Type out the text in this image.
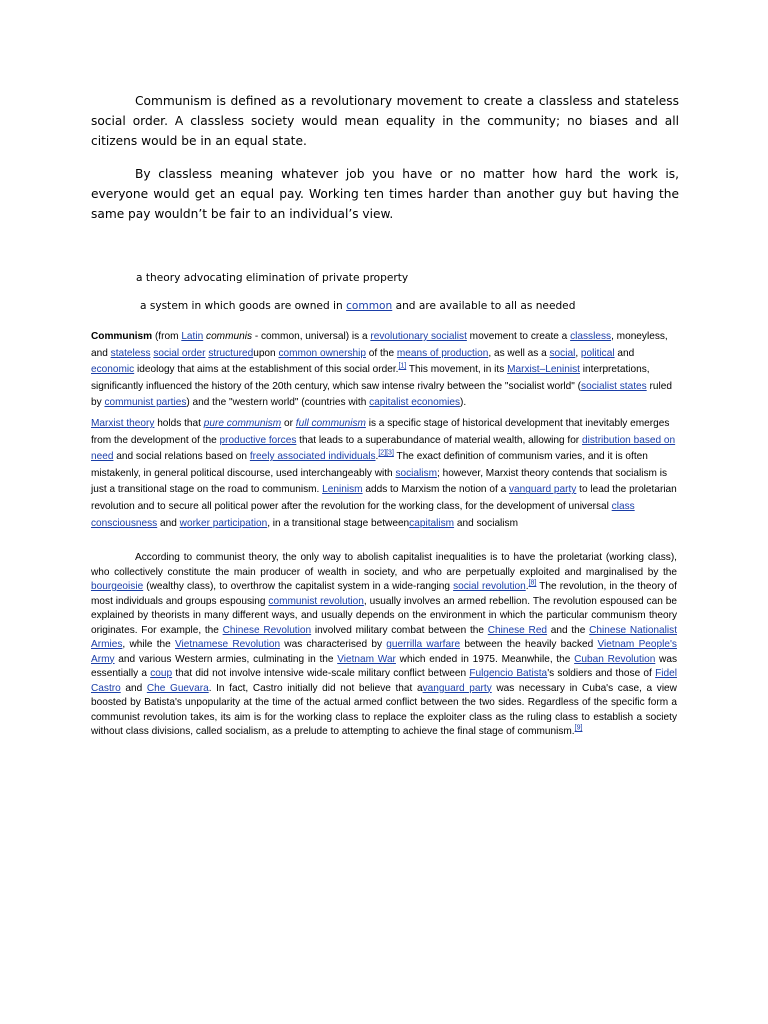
Communism is defined as a revolutionary movement to create a classless and stateless social order. A classless society would mean equality in the community; no biases and all citizens would be in an equal state.
By classless meaning whatever job you have or no matter how hard the work is, everyone would get an equal pay. Working ten times harder than another guy but having the same pay wouldn’t be fair to an individual’s view.
a theory advocating elimination of private property
a system in which goods are owned in common and are available to all as needed
Communism (from Latin communis - common, universal) is a revolutionary socialist movement to create a classless, moneyless, and stateless social order structuredupon common ownership of the means of production, as well as a social, political and economic ideology that aims at the establishment of this social order.[1] This movement, in its Marxist–Leninist interpretations, significantly influenced the history of the 20th century, which saw intense rivalry between the "socialist world" (socialist states ruled by communist parties) and the "western world" (countries with capitalist economies).
Marxist theory holds that pure communism or full communism is a specific stage of historical development that inevitably emerges from the development of the productive forces that leads to a superabundance of material wealth, allowing for distribution based on need and social relations based on freely associated individuals.[2][3] The exact definition of communism varies, and it is often mistakenly, in general political discourse, used interchangeably with socialism; however, Marxist theory contends that socialism is just a transitional stage on the road to communism. Leninism adds to Marxism the notion of a vanguard party to lead the proletarian revolution and to secure all political power after the revolution for the working class, for the development of universal class consciousness and worker participation, in a transitional stage betweencapitalism and socialism
According to communist theory, the only way to abolish capitalist inequalities is to have the proletariat (working class), who collectively constitute the main producer of wealth in society, and who are perpetually exploited and marginalised by the bourgeoisie (wealthy class), to overthrow the capitalist system in a wide-ranging social revolution.[8] The revolution, in the theory of most individuals and groups espousing communist revolution, usually involves an armed rebellion. The revolution espoused can be explained by theorists in many different ways, and usually depends on the environment in which the particular communism theory originates. For example, the Chinese Revolution involved military combat between the Chinese Red and the Chinese Nationalist Armies, while the Vietnamese Revolution was characterised by guerrilla warfare between the heavily backed Vietnam People's Army and various Western armies, culminating in the Vietnam War which ended in 1975. Meanwhile, the Cuban Revolution was essentially a coup that did not involve intensive wide-scale military conflict between Fulgencio Batista's soldiers and those of Fidel Castro and Che Guevara. In fact, Castro initially did not believe that avanguard party was necessary in Cuba's case, a view boosted by Batista's unpopularity at the time of the actual armed conflict between the two sides. Regardless of the specific form a communist revolution takes, its aim is for the working class to replace the exploiter class as the ruling class to establish a society without class divisions, called socialism, as a prelude to attempting to achieve the final stage of communism.[9]
